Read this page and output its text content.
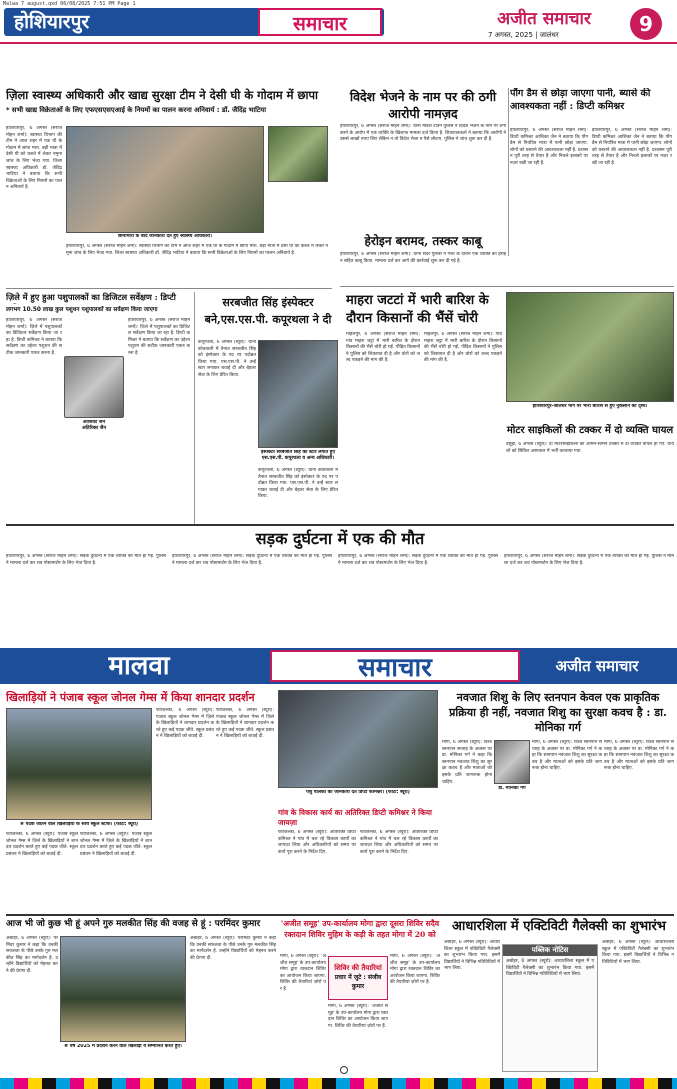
Malwa 7 august.qxd 06/08/2025 7:51 PM Page 1
होशियारपुर	समाचार	अजीत समाचार
7 अगस्त, 2025 | जालंधर	9
ज़िला स्वास्थ्य अधिकारी और खाद्य सुरक्षा टीम ने देसी घी के गोदाम में छापा
* सभी खाद्य विक्रेताओं के लिए एफएसएसएआई के नियमों का पालन करना अनिवार्य : डॉ. जैदिंद्र भाटिया
होशियारपुर, 6 अगस्त (सरोज मोहन शर्मा): स्वास्थ्य विभाग की टीम ने आज शहर में एक घी के गोदाम में छापा मारा. बड़ी मात्रा में देसी घी को कब्जे में लेकर नमूना जांच के लिए भेजा गया. जिला स्वास्थ्य अधिकारी डॉ. जैदिंद्र भाटिया ने बताया कि सभी विक्रेताओं के लिए नियमों का पालन अनिवार्य है.
छापामारी के बाद जानकारी देते हुए स्वास्थ्य अधिकारी।
होशियारपुर, 6 अगस्त (सरोज मोहन शर्मा): स्वास्थ्य विभाग की टीम ने आज शहर में एक घी के गोदाम में छापा मारा. बड़ी मात्रा में देसी घी को कब्जे में लेकर नमूना जांच के लिए भेजा गया. जिला स्वास्थ्य अधिकारी डॉ. जैदिंद्र भाटिया ने बताया कि सभी विक्रेताओं के लिए नियमों का पालन अनिवार्य है.
विदेश भेजने के नाम पर की ठगी आरोपी नामज़द
होशियारपुर, 6 अगस्त (सरोज मोहन शर्मा): थाना मॉडल टाउन पुलिस ने विदेश भेजने के नाम पर ठगी करने के आरोप में एक व्यक्ति के खिलाफ मामला दर्ज किया है. शिकायतकर्ता ने बताया कि आरोपी ने उससे लाखों रुपए लिए लेकिन न तो विदेश भेजा न पैसे लौटाए. पुलिस ने जांच शुरू कर दी है.
पौंग डैम से छोड़ा जाएगा पानी, ब्यासे की आवश्यकता नहीं : डिप्टी कमिश्नर
होशियारपुर, 6 अगस्त (सरोज मोहन शर्मा): डिप्टी कमिश्नर आशिका जैन ने बताया कि पौंग डैम से नियंत्रित मात्रा में पानी छोड़ा जाएगा. लोगों को घबराने की आवश्यकता नहीं है. प्रशासन पूरी तरह से तैयार है और निचले इलाकों पर नज़र रखी जा रही है.
होशियारपुर, 6 अगस्त (सरोज मोहन शर्मा): डिप्टी कमिश्नर आशिका जैन ने बताया कि पौंग डैम से नियंत्रित मात्रा में पानी छोड़ा जाएगा. लोगों को घबराने की आवश्यकता नहीं है. प्रशासन पूरी तरह से तैयार है और निचले इलाकों पर नज़र रखी जा रही है.
हेरोइन बरामद, तस्कर काबू
होशियारपुर, 6 अगस्त (सरोज मोहन शर्मा): थाना सदर पुलिस ने गश्त के दौरान एक व्यक्ति को हेरोइन सहित काबू किया. मामला दर्ज कर आगे की कार्रवाई शुरू कर दी गई है.
ज़िले में हुए हुआ पशुपालकों का डिजिटल सर्वेक्षण : डिप्टी
लगभग 10.50 लाख कुल पशुधन पशुपालकों का सर्वेक्षण किया जाएगा
होशियारपुर, 6 अगस्त (सरोज मोहन शर्मा): ज़िले में पशुपालकों का डिजिटल सर्वेक्षण किया जा रहा है. डिप्टी कमिश्नर ने बताया कि सर्वेक्षण का उद्देश्य पशुधन की सटीक जानकारी एकत्र करना है.
आशिका जैन
अतिरिक्त जैन
होशियारपुर, 6 अगस्त (सरोज मोहन शर्मा): ज़िले में पशुपालकों का डिजिटल सर्वेक्षण किया जा रहा है. डिप्टी कमिश्नर ने बताया कि सर्वेक्षण का उद्देश्य पशुधन की सटीक जानकारी एकत्र करना है.
सरबजीत सिंह इंस्पेक्टर बने,एस.एस.पी. कपूरथला ने दी
कपूरथला, 6 अगस्त (ब्यूरो): थाना कोतवाली में तैनात सरबजीत सिंह को इंस्पेक्टर के पद पर पदोन्नत किया गया. एस.एस.पी. ने उन्हें स्टार लगाकर बधाई दी और बेहतर सेवा के लिए प्रेरित किया.
इंस्पेक्टर सरबजीत सिंह को स्टार लगाते हुए एस.एस.पी. कपूरथला व अन्य अधिकारी।
कपूरथला, 6 अगस्त (ब्यूरो): थाना कोतवाली में तैनात सरबजीत सिंह को इंस्पेक्टर के पद पर पदोन्नत किया गया. एस.एस.पी. ने उन्हें स्टार लगाकर बधाई दी और बेहतर सेवा के लिए प्रेरित किया.
माहरा जटटां में भारी बारिश के दौरान किसानों की भैंसें चोरी
माहलपुर, 6 अगस्त (सरोज मोहन शर्मा): गांव माहरा जट्टां में भारी बारिश के दौरान किसानों की भैंसें चोरी हो गईं. पीड़ित किसानों ने पुलिस को शिकायत दी है और चोरों को जल्द पकड़ने की मांग की है.
माहलपुर, 6 अगस्त (सरोज मोहन शर्मा): गांव माहरा जट्टां में भारी बारिश के दौरान किसानों की भैंसें चोरी हो गईं. पीड़ित किसानों ने पुलिस को शिकायत दी है और चोरों को जल्द पकड़ने की मांग की है.
होशियारपुर-जालंधर मार्ग पर भारी बारिश से हुए नुकसान का दृश्य।
मोटर साइकिलों की टक्कर में दो व्यक्ति घायल
दसूहा, 6 अगस्त (ब्यूरो): दो मोटरसाइकिलों की आमने-सामने टक्कर में दो व्यक्ति घायल हो गए. घायलों को सिविल अस्पताल में भर्ती करवाया गया.
सड़क दुर्घटना में एक की मौत
होशियारपुर, 6 अगस्त (सरोज मोहन शर्मा): सड़क दुर्घटना में एक व्यक्ति की मौत हो गई. पुलिस ने मामला दर्ज कर शव पोस्टमार्टम के लिए भेज दिया है.
होशियारपुर, 6 अगस्त (सरोज मोहन शर्मा): सड़क दुर्घटना में एक व्यक्ति की मौत हो गई. पुलिस ने मामला दर्ज कर शव पोस्टमार्टम के लिए भेज दिया है.
होशियारपुर, 6 अगस्त (सरोज मोहन शर्मा): सड़क दुर्घटना में एक व्यक्ति की मौत हो गई. पुलिस ने मामला दर्ज कर शव पोस्टमार्टम के लिए भेज दिया है.
होशियारपुर, 6 अगस्त (सरोज मोहन शर्मा): सड़क दुर्घटना में एक व्यक्ति की मौत हो गई. पुलिस ने मामला दर्ज कर शव पोस्टमार्टम के लिए भेज दिया है.
मालवा	समाचार	अजीत समाचार
खिलाड़ियों ने पंजाब स्कूल जोनल गेम्स में किया शानदार प्रदर्शन
# पदक जीतने वाले खिलाड़ियों के साथ स्कूल स्टाफ। (फोटो: ब्यूरो)
फाजिल्का, 6 अगस्त (ब्यूरो): पंजाब स्कूल जोनल गेम्स में ज़िले के खिलाड़ियों ने शानदार प्रदर्शन करते हुए कई पदक जीते. स्कूल प्रबंधन ने खिलाड़ियों को बधाई दी.
फाजिल्का, 6 अगस्त (ब्यूरो): पंजाब स्कूल जोनल गेम्स में ज़िले के खिलाड़ियों ने शानदार प्रदर्शन करते हुए कई पदक जीते. स्कूल प्रबंधन ने खिलाड़ियों को बधाई दी.
फाजिल्का, 6 अगस्त (ब्यूरो): पंजाब स्कूल जोनल गेम्स में ज़िले के खिलाड़ियों ने शानदार प्रदर्शन करते हुए कई पदक जीते. स्कूल प्रबंधन ने खिलाड़ियों को बधाई दी.
फाजिल्का, 6 अगस्त (ब्यूरो): पंजाब स्कूल जोनल गेम्स में ज़िले के खिलाड़ियों ने शानदार प्रदर्शन करते हुए कई पदक जीते. स्कूल प्रबंधन ने खिलाड़ियों को बधाई दी.
पशु पालकों को जानकारी देते डिप्टी कमिश्नर। (फोटो: ब्यूरो)
गांव के विकास कार्य का अतिरिक्त डिप्टी कमिश्नर ने किया जायज़ा
फाजिल्का, 6 अगस्त (ब्यूरो): अतिरिक्त डिप्टी कमिश्नर ने गांव में चल रहे विकास कार्यों का जायज़ा लिया और अधिकारियों को समय पर कार्य पूरा करने के निर्देश दिए.
फाजिल्का, 6 अगस्त (ब्यूरो): अतिरिक्त डिप्टी कमिश्नर ने गांव में चल रहे विकास कार्यों का जायज़ा लिया और अधिकारियों को समय पर कार्य पूरा करने के निर्देश दिए.
नवजात शिशु के लिए स्तनपान केवल एक प्राकृतिक प्रक्रिया ही नहीं, नवजात शिशु का सुरक्षा कवच है : डा. मोनिका गर्ग
मोगा, 6 अगस्त (ब्यूरो): विश्व स्तनपान सप्ताह के अवसर पर डा. मोनिका गर्ग ने कहा कि स्तनपान नवजात शिशु का सुरक्षा कवच है और माताओं को इसके प्रति जागरूक होना चाहिए.
डा. मोनिका गर्ग
मोगा, 6 अगस्त (ब्यूरो): विश्व स्तनपान सप्ताह के अवसर पर डा. मोनिका गर्ग ने कहा कि स्तनपान नवजात शिशु का सुरक्षा कवच है और माताओं को इसके प्रति जागरूक होना चाहिए.
मोगा, 6 अगस्त (ब्यूरो): विश्व स्तनपान सप्ताह के अवसर पर डा. मोनिका गर्ग ने कहा कि स्तनपान नवजात शिशु का सुरक्षा कवच है और माताओं को इसके प्रति जागरूक होना चाहिए.
आज भी जो कुछ भी हूं अपने गुरु मलकीत सिंह की वजह से हूं : परमिंदर कुमार
अबोहर, 6 अगस्त (ब्यूरो): परमिंदर कुमार ने कहा कि उनकी सफलता के पीछे उनके गुरु मलकीत सिंह का मार्गदर्शन है. उन्होंने विद्यार्थियों को मेहनत करने की प्रेरणा दी.
# वर्ष 2025 में प्रदर्शन करने वाले खिलाड़ी व सम्मानित करते हुए।
अबोहर, 6 अगस्त (ब्यूरो): परमिंदर कुमार ने कहा कि उनकी सफलता के पीछे उनके गुरु मलकीत सिंह का मार्गदर्शन है. उन्होंने विद्यार्थियों को मेहनत करने की प्रेरणा दी.
'अजीत समूह' उप-कार्यालय मोगा द्वारा दूसरा शिविर सदैव रक्तदान शिविर मुहिम के कड़ी के तहत मोगा में 20 को
मोगा, 6 अगस्त (ब्यूरो): 'अजीत समूह' के उप-कार्यालय मोगा द्वारा रक्तदान शिविर का आयोजन किया जाएगा. शिविर की तैयारियां ज़ोरों पर हैं.
शिविर की तैयारियां
प्रचार में जुटे : संजीव कुमार
मोगा, 6 अगस्त (ब्यूरो): 'अजीत समूह' के उप-कार्यालय मोगा द्वारा रक्तदान शिविर का आयोजन किया जाएगा. शिविर की तैयारियां ज़ोरों पर हैं.
मोगा, 6 अगस्त (ब्यूरो): 'अजीत समूह' के उप-कार्यालय मोगा द्वारा रक्तदान शिविर का आयोजन किया जाएगा. शिविर की तैयारियां ज़ोरों पर हैं.
आधारशिला में एक्टिविटी गैलेक्सी का शुभारंभ
अबोहर, 6 अगस्त (ब्यूरो): आधारशिला स्कूल में एक्टिविटी गैलेक्सी का शुभारंभ किया गया. इसमें विद्यार्थियों ने विभिन्न गतिविधियों में भाग लिया.
पब्लिक नोटिस
अबोहर, 6 अगस्त (ब्यूरो): आधारशिला स्कूल में एक्टिविटी गैलेक्सी का शुभारंभ किया गया. इसमें विद्यार्थियों ने विभिन्न गतिविधियों में भाग लिया.
अबोहर, 6 अगस्त (ब्यूरो): आधारशिला स्कूल में एक्टिविटी गैलेक्सी का शुभारंभ किया गया. इसमें विद्यार्थियों ने विभिन्न गतिविधियों में भाग लिया.
